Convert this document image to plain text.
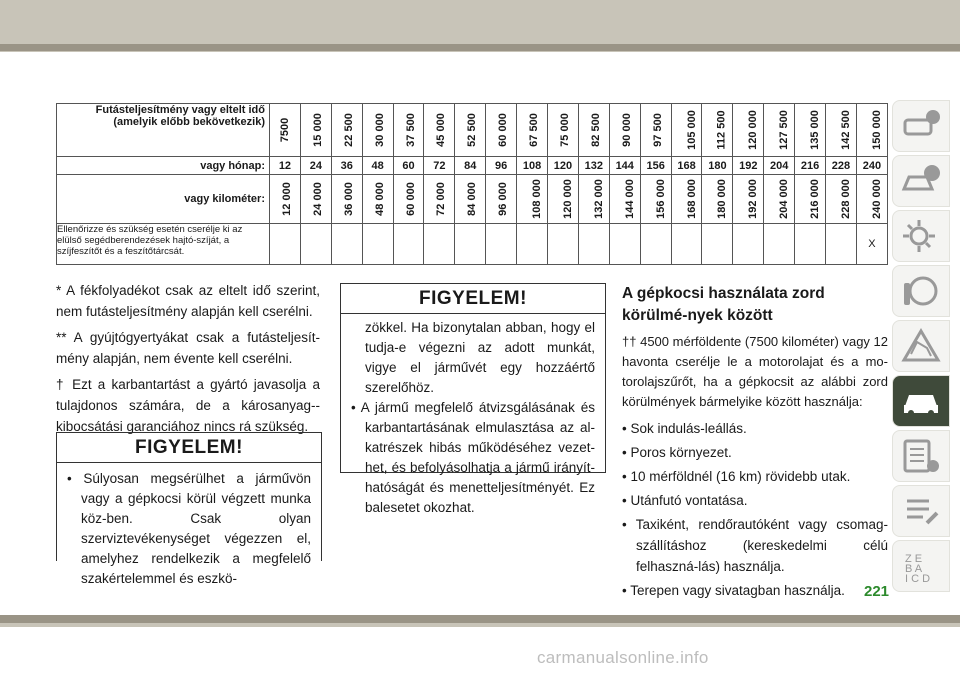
Futásteljesítmény vagy eltelt idő (amelyik előbb bekövetkezik)	7500	15 000	22 500	30 000	37 500	45 000	52 500	60 000	67 500	75 000	82 500	90 000	97 500	105 000	112 500	120 000	127 500	135 000	142 500	150 000
vagy hónap:	12	24	36	48	60	72	84	96	108	120	132	144	156	168	180	192	204	216	228	240
vagy kilométer:	12 000	24 000	36 000	48 000	60 000	72 000	84 000	96 000	108 000	120 000	132 000	144 000	156 000	168 000	180 000	192 000	204 000	216 000	228 000	240 000
Ellenőrizze és szükség esetén cserélje ki az elülső segédberendezések hajtó-szíját, a szíjfeszítőt és a feszítőtárcsát.																				X

* A fékfolyadékot csak az eltelt idő szerint, nem futásteljesítmény alapján kell cserélni.

** A gyújtógyertyákat csak a futásteljesít-mény alapján, nem évente kell cserélni.

† Ezt a karbantartást a gyártó javasolja a tulajdonos számára, de a károsanyag--kibocsátási garanciához nincs rá szükség.

FIGYELEM!

• Súlyosan megsérülhet a járművön vagy a gépkocsi körül végzett munka köz-ben. Csak olyan szerviztevékenységet végezzen el, amelyhez rendelkezik a megfelelő szakértelemmel és eszkö-

FIGYELEM!

zökkel. Ha bizonytalan abban, hogy el tudja-e végezni az adott munkát, vigye el járművét egy hozzáértő szerelőhöz.

• A jármű megfelelő átvizsgálásának és karbantartásának elmulasztása az al-katrészek hibás működéséhez vezet-het, és befolyásolhatja a jármű irányít-hatóságát és menetteljesítményét. Ez balesetet okozhat.

A gépkocsi használata zord körülmé-nyek között

†† 4500 mérföldente (7500 kilométer) vagy 12 havonta cserélje le a motorolajat és a mo-torolajszűrőt, ha a gépkocsit az alábbi zord körülmények bármelyike között használja:

• Sok indulás-leállás.

• Poros környezet.

• 10 mérföldnél (16 km) rövidebb utak.

• Utánfutó vontatása.

• Taxiként, rendőrautóként vagy csomag-szállításhoz (kereskedelmi célú felhaszná-lás) használja.

• Terepen vagy sivatagban használja.

Z E
B A
I C D
221
carmanualsonline.info
